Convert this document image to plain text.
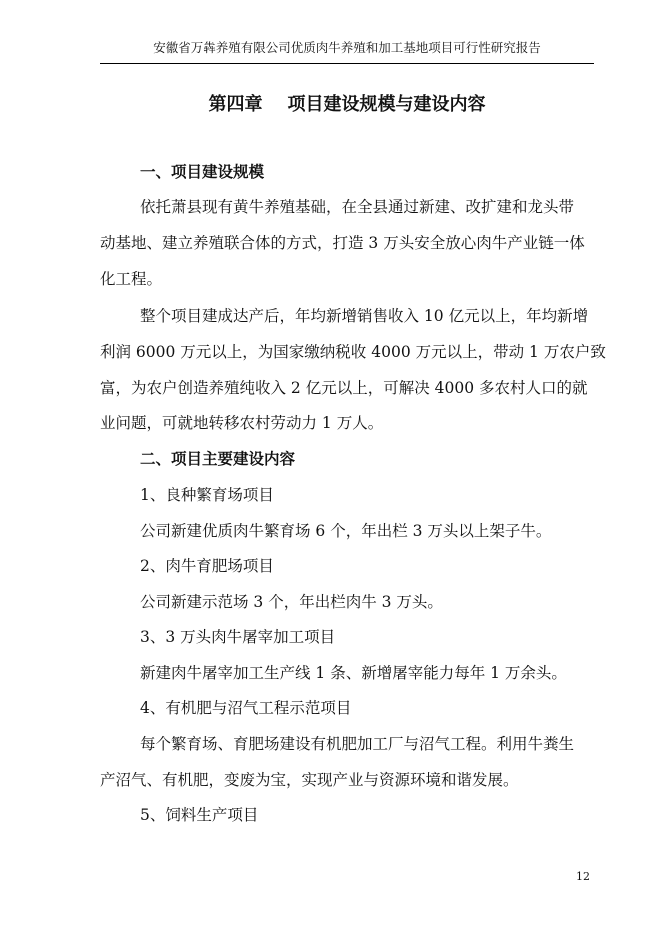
安徽省万犇养殖有限公司优质肉牛养殖和加工基地项目可行性研究报告
第四章    项目建设规模与建设内容
一、项目建设规模
依托萧县现有黄牛养殖基础，在全县通过新建、改扩建和龙头带
动基地、建立养殖联合体的方式，打造 3 万头安全放心肉牛产业链一体
化工程。
整个项目建成达产后，年均新增销售收入 10 亿元以上，年均新增
利润 6000 万元以上，为国家缴纳税收 4000 万元以上，带动 1 万农户致
富，为农户创造养殖纯收入 2 亿元以上，可解决 4000 多农村人口的就
业问题，可就地转移农村劳动力 1 万人。
二、项目主要建设内容
1、良种繁育场项目
公司新建优质肉牛繁育场 6 个，年出栏 3 万头以上架子牛。
2、肉牛育肥场项目
公司新建示范场 3 个，年出栏肉牛 3 万头。
3、3 万头肉牛屠宰加工项目
新建肉牛屠宰加工生产线 1 条、新增屠宰能力每年 1 万余头。
4、有机肥与沼气工程示范项目
每个繁育场、育肥场建设有机肥加工厂与沼气工程。利用牛粪生
产沼气、有机肥，变废为宝，实现产业与资源环境和谐发展。
5、饲料生产项目
12
